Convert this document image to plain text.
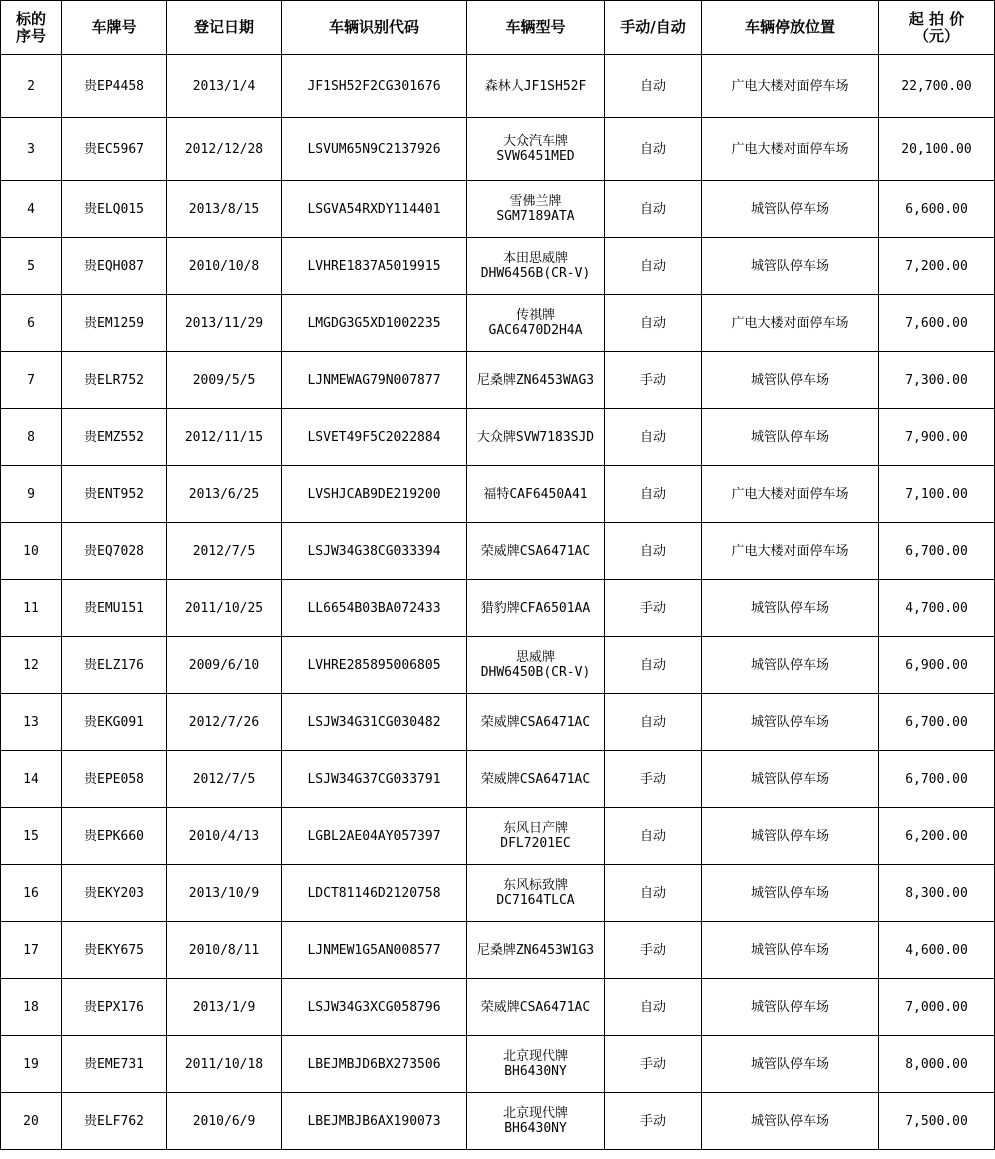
标的
序号	车牌号	登记日期	车辆识别代码	车辆型号	手动/自动	车辆停放位置	起 拍 价
（元）
2	贵EP4458	2013/1/4	JF1SH52F2CG301676	森林人JF1SH52F	自动	广电大楼对面停车场	22,700.00
3	贵EC5967	2012/12/28	LSVUM65N9C2137926	大众汽车牌
SVW6451MED	自动	广电大楼对面停车场	20,100.00
4	贵ELQ015	2013/8/15	LSGVA54RXDY114401	雪佛兰牌
SGM7189ATA	自动	城管队停车场	6,600.00
5	贵EQH087	2010/10/8	LVHRE1837A5019915	本田思威牌
DHW6456B(CR-V)	自动	城管队停车场	7,200.00
6	贵EM1259	2013/11/29	LMGDG3G5XD1002235	传祺牌
GAC6470D2H4A	自动	广电大楼对面停车场	7,600.00
7	贵ELR752	2009/5/5	LJNMEWAG79N007877	尼桑牌ZN6453WAG3	手动	城管队停车场	7,300.00
8	贵EMZ552	2012/11/15	LSVET49F5C2022884	大众牌SVW7183SJD	自动	城管队停车场	7,900.00
9	贵ENT952	2013/6/25	LVSHJCAB9DE219200	福特CAF6450A41	自动	广电大楼对面停车场	7,100.00
10	贵EQ7028	2012/7/5	LSJW34G38CG033394	荣威牌CSA6471AC	自动	广电大楼对面停车场	6,700.00
11	贵EMU151	2011/10/25	LL6654B03BA072433	猎豹牌CFA6501AA	手动	城管队停车场	4,700.00
12	贵ELZ176	2009/6/10	LVHRE285895006805	思威牌
DHW6450B(CR-V)	自动	城管队停车场	6,900.00
13	贵EKG091	2012/7/26	LSJW34G31CG030482	荣威牌CSA6471AC	自动	城管队停车场	6,700.00
14	贵EPE058	2012/7/5	LSJW34G37CG033791	荣威牌CSA6471AC	手动	城管队停车场	6,700.00
15	贵EPK660	2010/4/13	LGBL2AE04AY057397	东风日产牌
DFL7201EC	自动	城管队停车场	6,200.00
16	贵EKY203	2013/10/9	LDCT81146D2120758	东风标致牌
DC7164TLCA	自动	城管队停车场	8,300.00
17	贵EKY675	2010/8/11	LJNMEW1G5AN008577	尼桑牌ZN6453W1G3	手动	城管队停车场	4,600.00
18	贵EPX176	2013/1/9	LSJW34G3XCG058796	荣威牌CSA6471AC	自动	城管队停车场	7,000.00
19	贵EME731	2011/10/18	LBEJMBJD6BX273506	北京现代牌
BH6430NY	手动	城管队停车场	8,000.00
20	贵ELF762	2010/6/9	LBEJMBJB6AX190073	北京现代牌
BH6430NY	手动	城管队停车场	7,500.00
